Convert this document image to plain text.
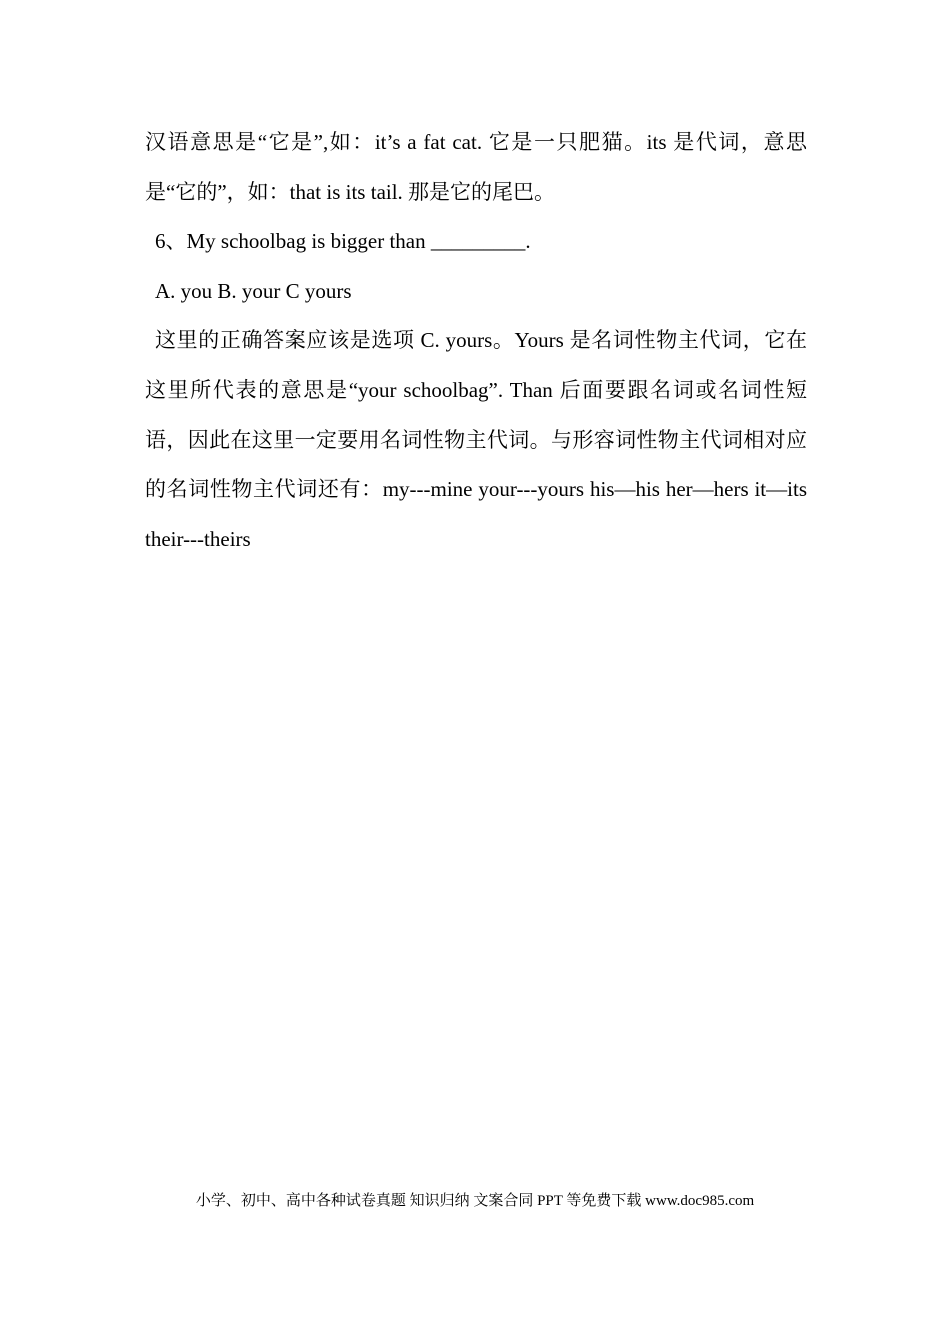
汉语意思是“它是”,如：it’s a fat cat. 它是一只肥猫。its 是代词，意思是“它的”，如：that is its tail. 那是它的尾巴。

6、My schoolbag is bigger than _________.

A. you B. your C yours

这里的正确答案应该是选项 C. yours。Yours 是名词性物主代词，它在这里所代表的意思是“your schoolbag”. Than 后面要跟名词或名词性短语，因此在这里一定要用名词性物主代词。与形容词性物主代词相对应的名词性物主代词还有：my---mine your---yours his—his her—hers it—its their---theirs

小学、初中、高中各种试卷真题 知识归纳 文案合同 PPT 等免费下载 www.doc985.com
